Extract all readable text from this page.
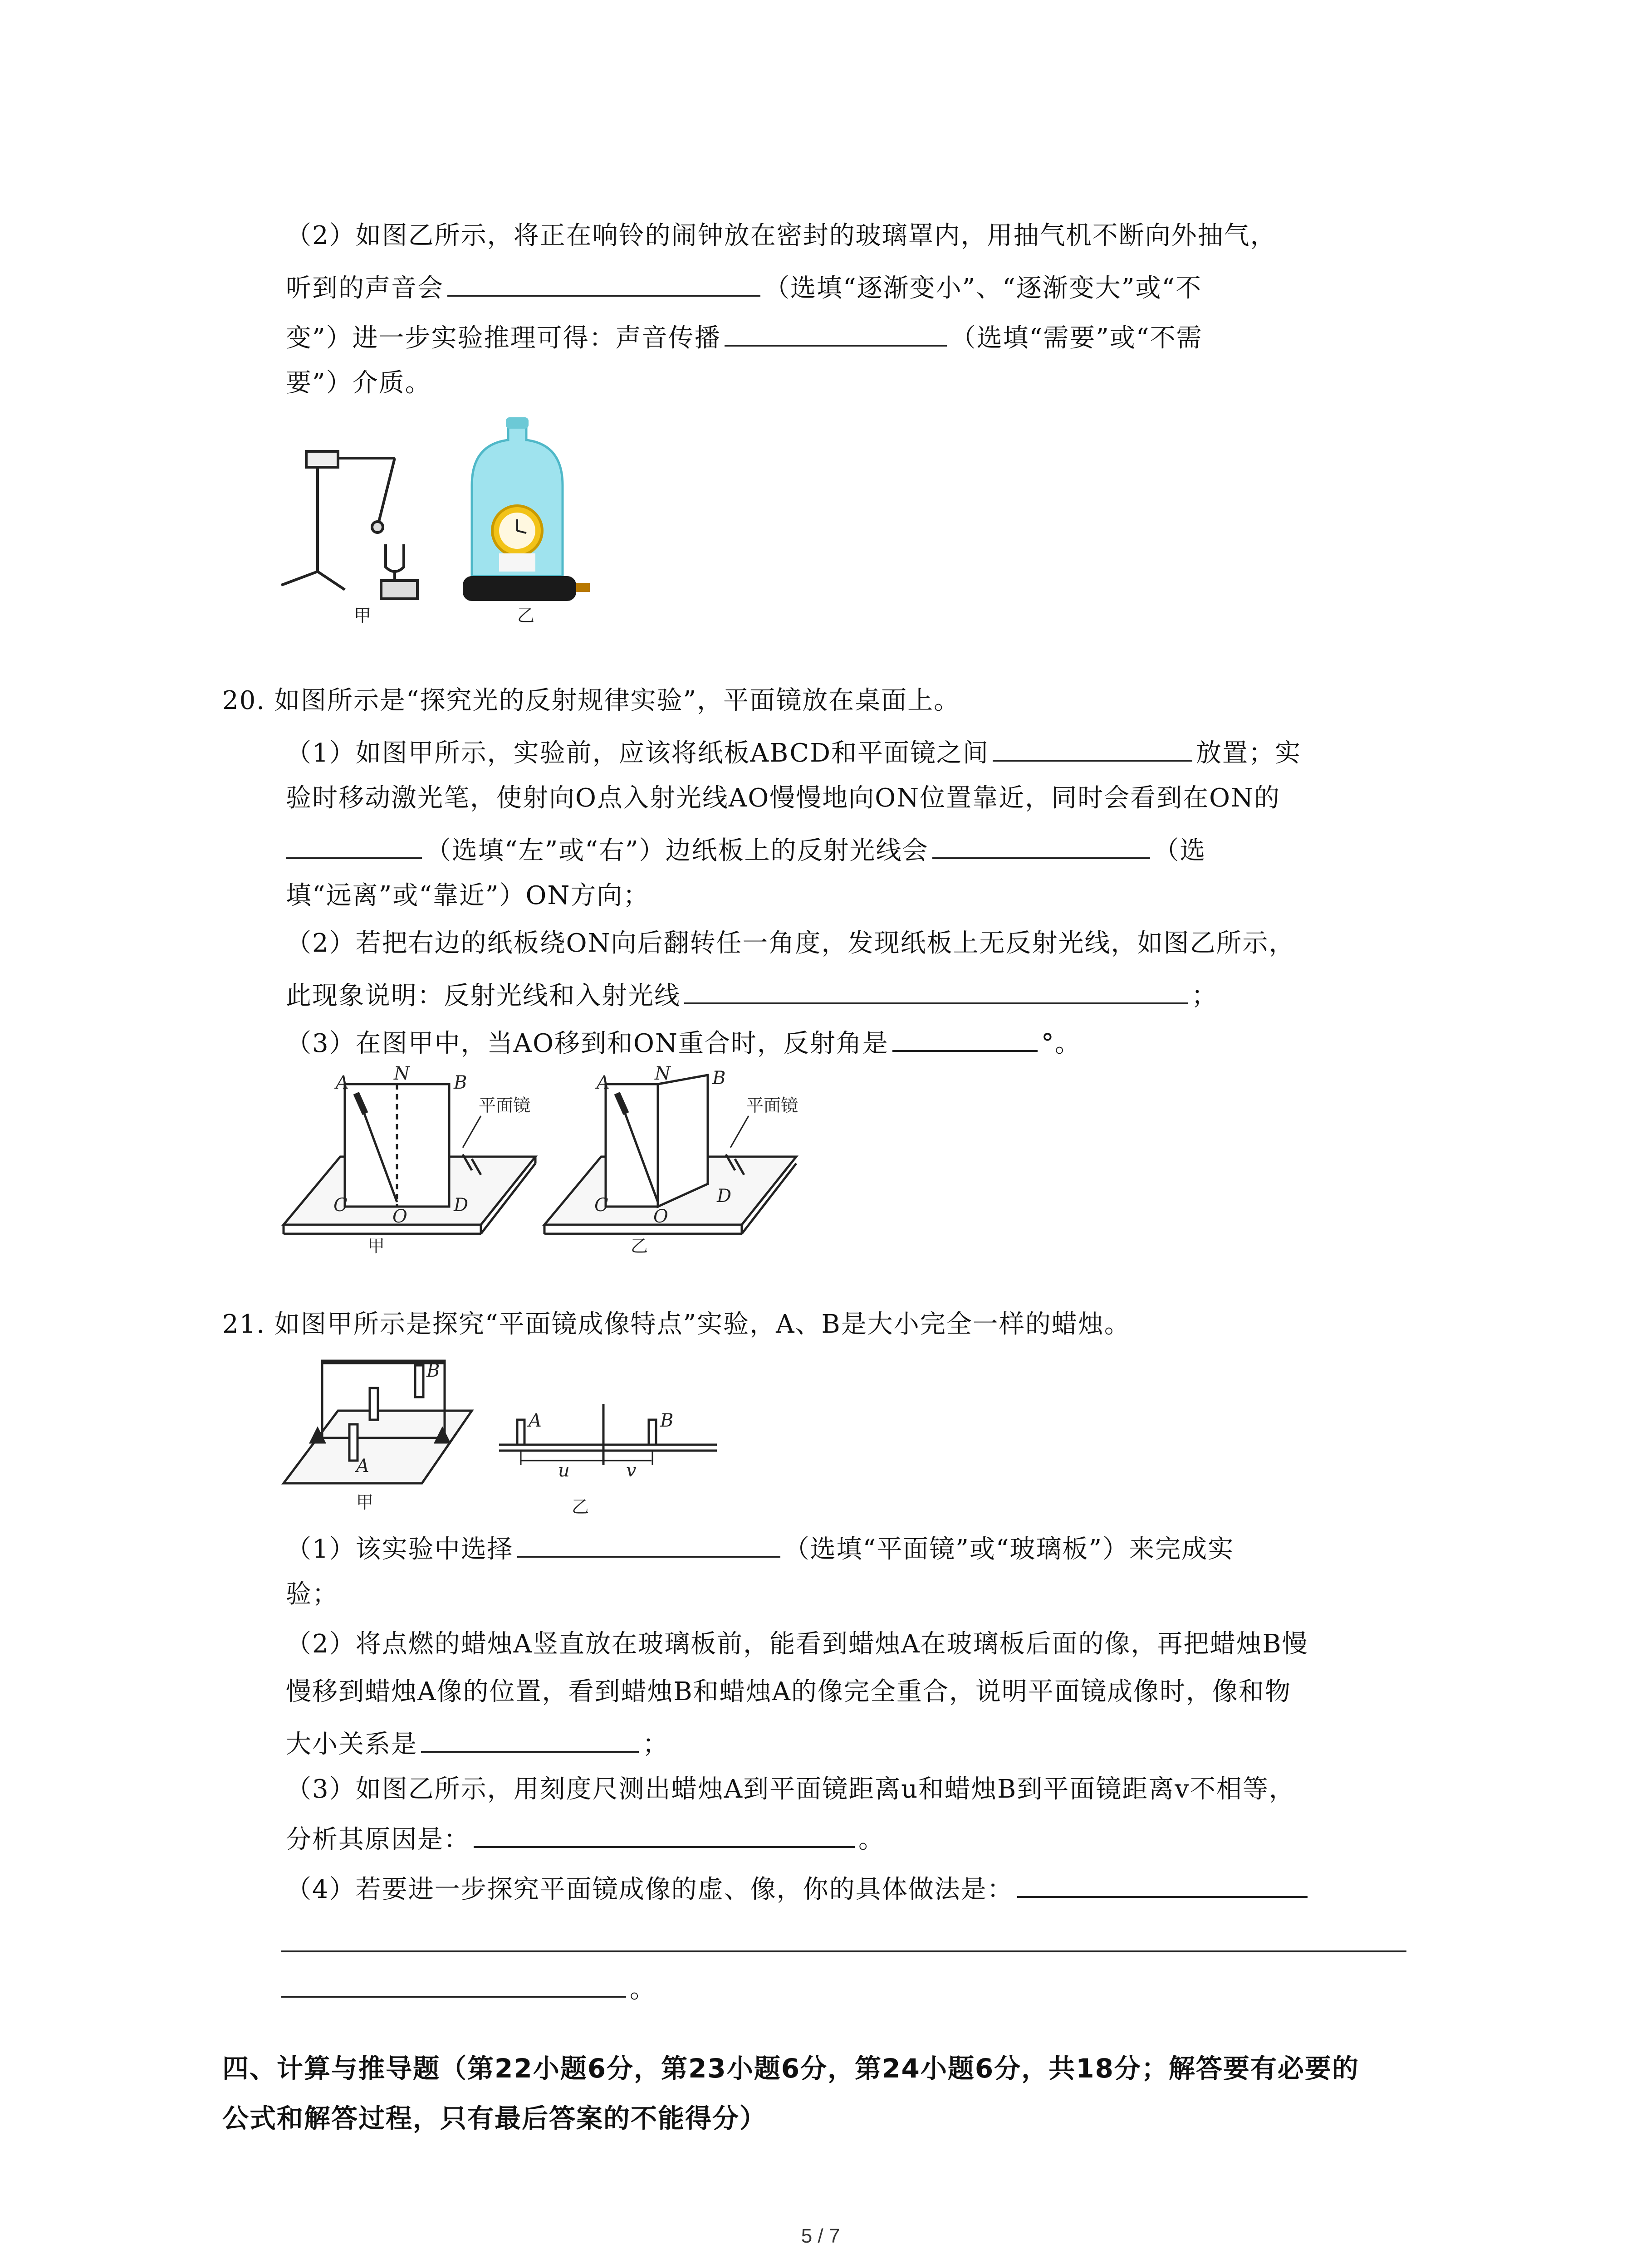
（2）如图乙所示，将正在响铃的闹钟放在密封的玻璃罩内，用抽气机不断向外抽气，
听到的声音会	（选填“逐渐变小”、“逐渐变大”或“不
变”）进一步实验推理可得：声音传播	（选填“需要”或“不需
要”）介质。
甲	乙
20. 如图所示是“探究光的反射规律实验”，平面镜放在桌面上。
（1）如图甲所示，实验前，应该将纸板ABCD和平面镜之间	放置；实
验时移动激光笔，使射向O点入射光线AO慢慢地向ON位置靠近，同时会看到在ON的
（选填“左”或“右”）边纸板上的反射光线会	（选
填“远离”或“靠近”）ON方向；
（2）若把右边的纸板绕ON向后翻转任一角度，发现纸板上无反射光线，如图乙所示，
此现象说明：反射光线和入射光线	；
（3）在图甲中，当AO移到和ON重合时，反射角是	°。
A N B
C
O
D
平面镜
甲
A N B
C
O
D
平面镜
乙
21. 如图甲所示是探究“平面镜成像特点”实验，A、B是大小完全一样的蜡烛。
B
A
甲
A	B
u	v
乙
（1）该实验中选择	（选填“平面镜”或“玻璃板”）来完成实
验；
（2）将点燃的蜡烛A竖直放在玻璃板前，能看到蜡烛A在玻璃板后面的像，再把蜡烛B慢
慢移到蜡烛A像的位置，看到蜡烛B和蜡烛A的像完全重合，说明平面镜成像时，像和物
大小关系是	；
（3）如图乙所示，用刻度尺测出蜡烛A到平面镜距离u和蜡烛B到平面镜距离v不相等，
分析其原因是：	。
（4）若要进一步探究平面镜成像的虚、像，你的具体做法是：
。
四、计算与推导题（第22小题6分，第23小题6分，第24小题6分，共18分；解答要有必要的
公式和解答过程，只有最后答案的不能得分）
5 / 7
